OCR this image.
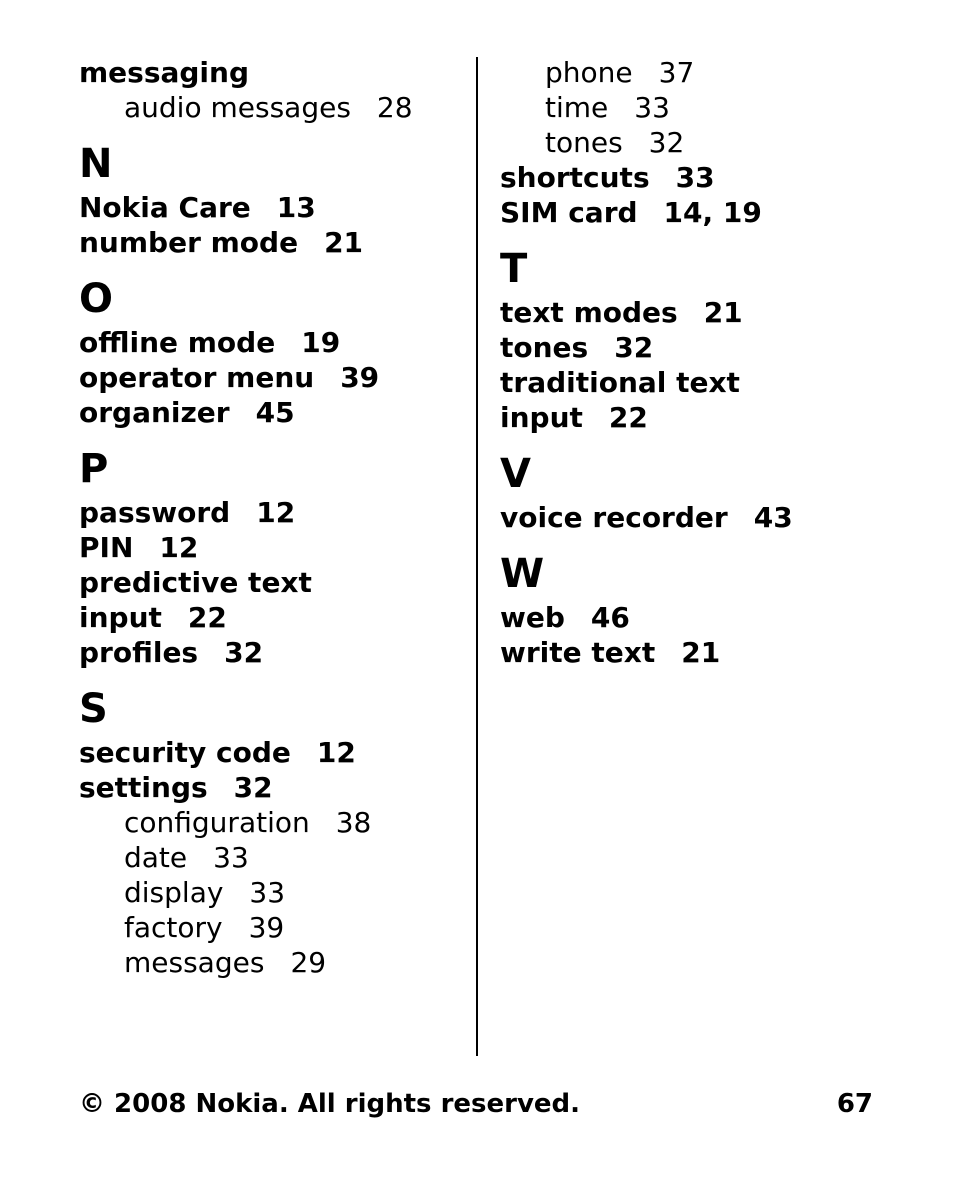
messaging
audio messages 28
N
Nokia Care 13
number mode 21
O
offline mode 19
operator menu 39
organizer 45
P
password 12
PIN 12
predictive text
input 22
profiles 32
S
security code 12
settings 32
configuration 38
date 33
display 33
factory 39
messages 29
phone 37
time 33
tones 32
shortcuts 33
SIM card 14, 19
T
text modes 21
tones 32
traditional text
input 22
V
voice recorder 43
W
web 46
write text 21
© 2008 Nokia. All rights reserved.	67
